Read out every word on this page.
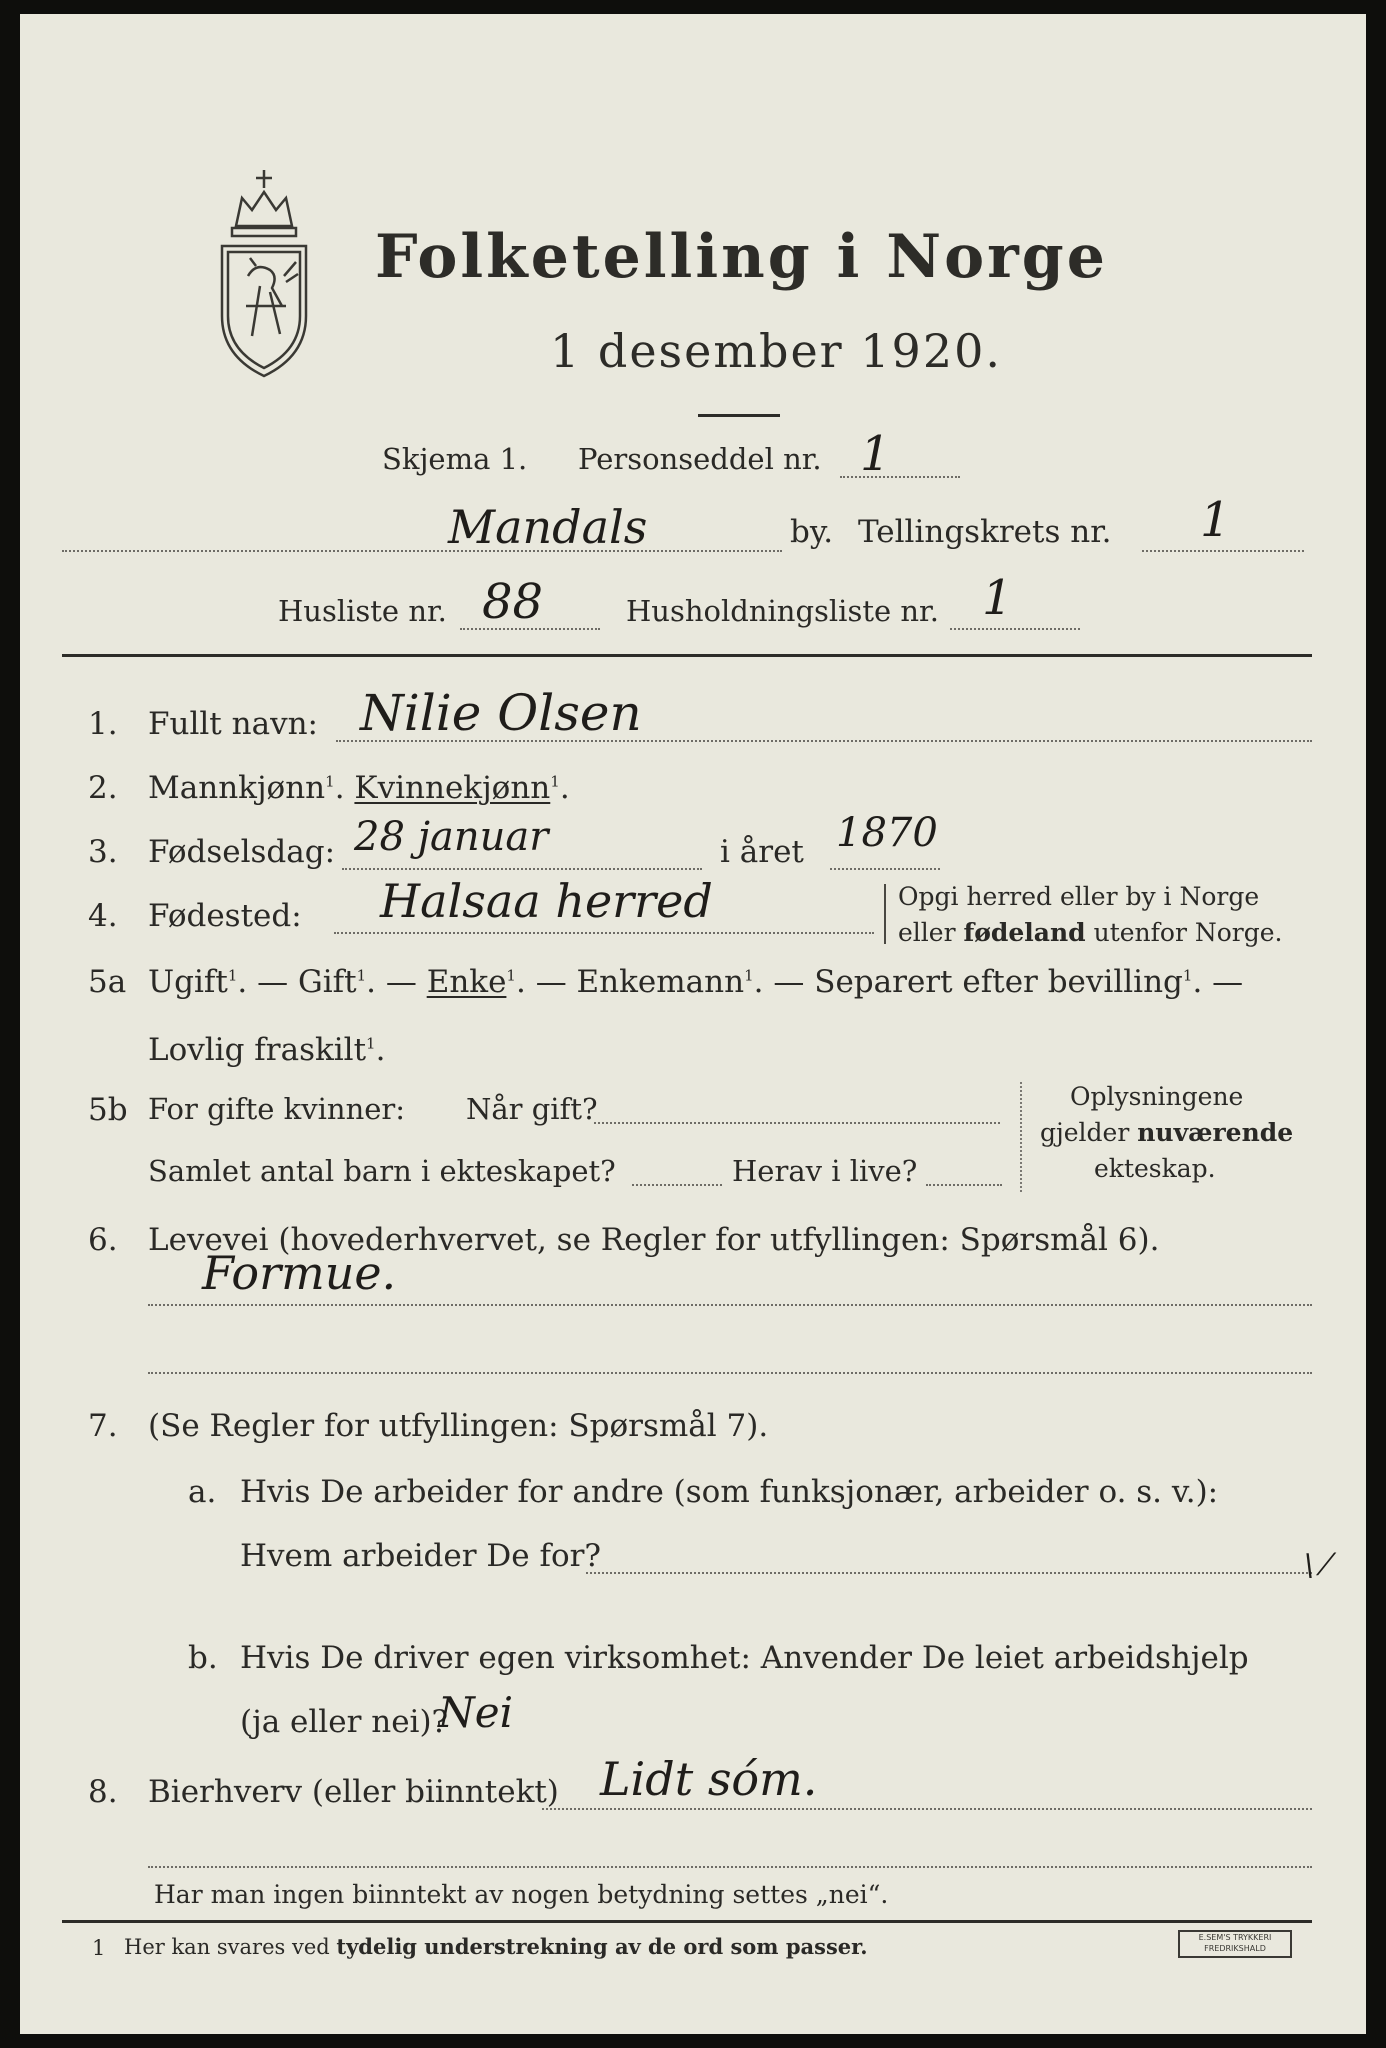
Folketelling i Norge
1 desember 1920.
Skjema 1. Personseddel nr. 1
Mandals	by. Tellingskrets nr. 1
Husliste nr. 88	Husholdningsliste nr. 1
1. Fullt navn: Nilie Olsen
2. Mannkjønn$^1$. Kvinnekjønn$^1$.
3. Fødselsdag: 28 januar	i året 1870
4. Fødested: Halsaa herred	Opgi herred eller by i Norge
eller fødeland utenfor Norge.
5a Ugift$^1$. — Gift$^1$. — Enke$^1$. — Enkemann$^1$. — Separert efter bevilling$^1$. —
Lovlig fraskilt$^1$.
5b For gifte kvinner: Når gift?
Samlet antal barn i ekteskapet?	Herav i live?
Oplysningene
gjelder nuværende
ekteskap.
6. Levevei (hovederhvervet, se Regler for utfyllingen: Spørsmål 6).
Formue.
7. (Se Regler for utfyllingen: Spørsmål 7).
a. Hvis De arbeider for andre (som funksjonær, arbeider o. s. v.):
Hvem arbeider De for?	\ ⁄
b. Hvis De driver egen virksomhet: Anvender De leiet arbeidshjelp
(ja eller nei)?
Nei
8. Bierhverv (eller biinntekt) Lidt sóm.
Har man ingen biinntekt av nogen betydning settes „nei“.
1 Her kan svares ved tydelig understrekning av de ord som passer.	E.SEM'S TRYKKERI
FREDRIKSHALD
